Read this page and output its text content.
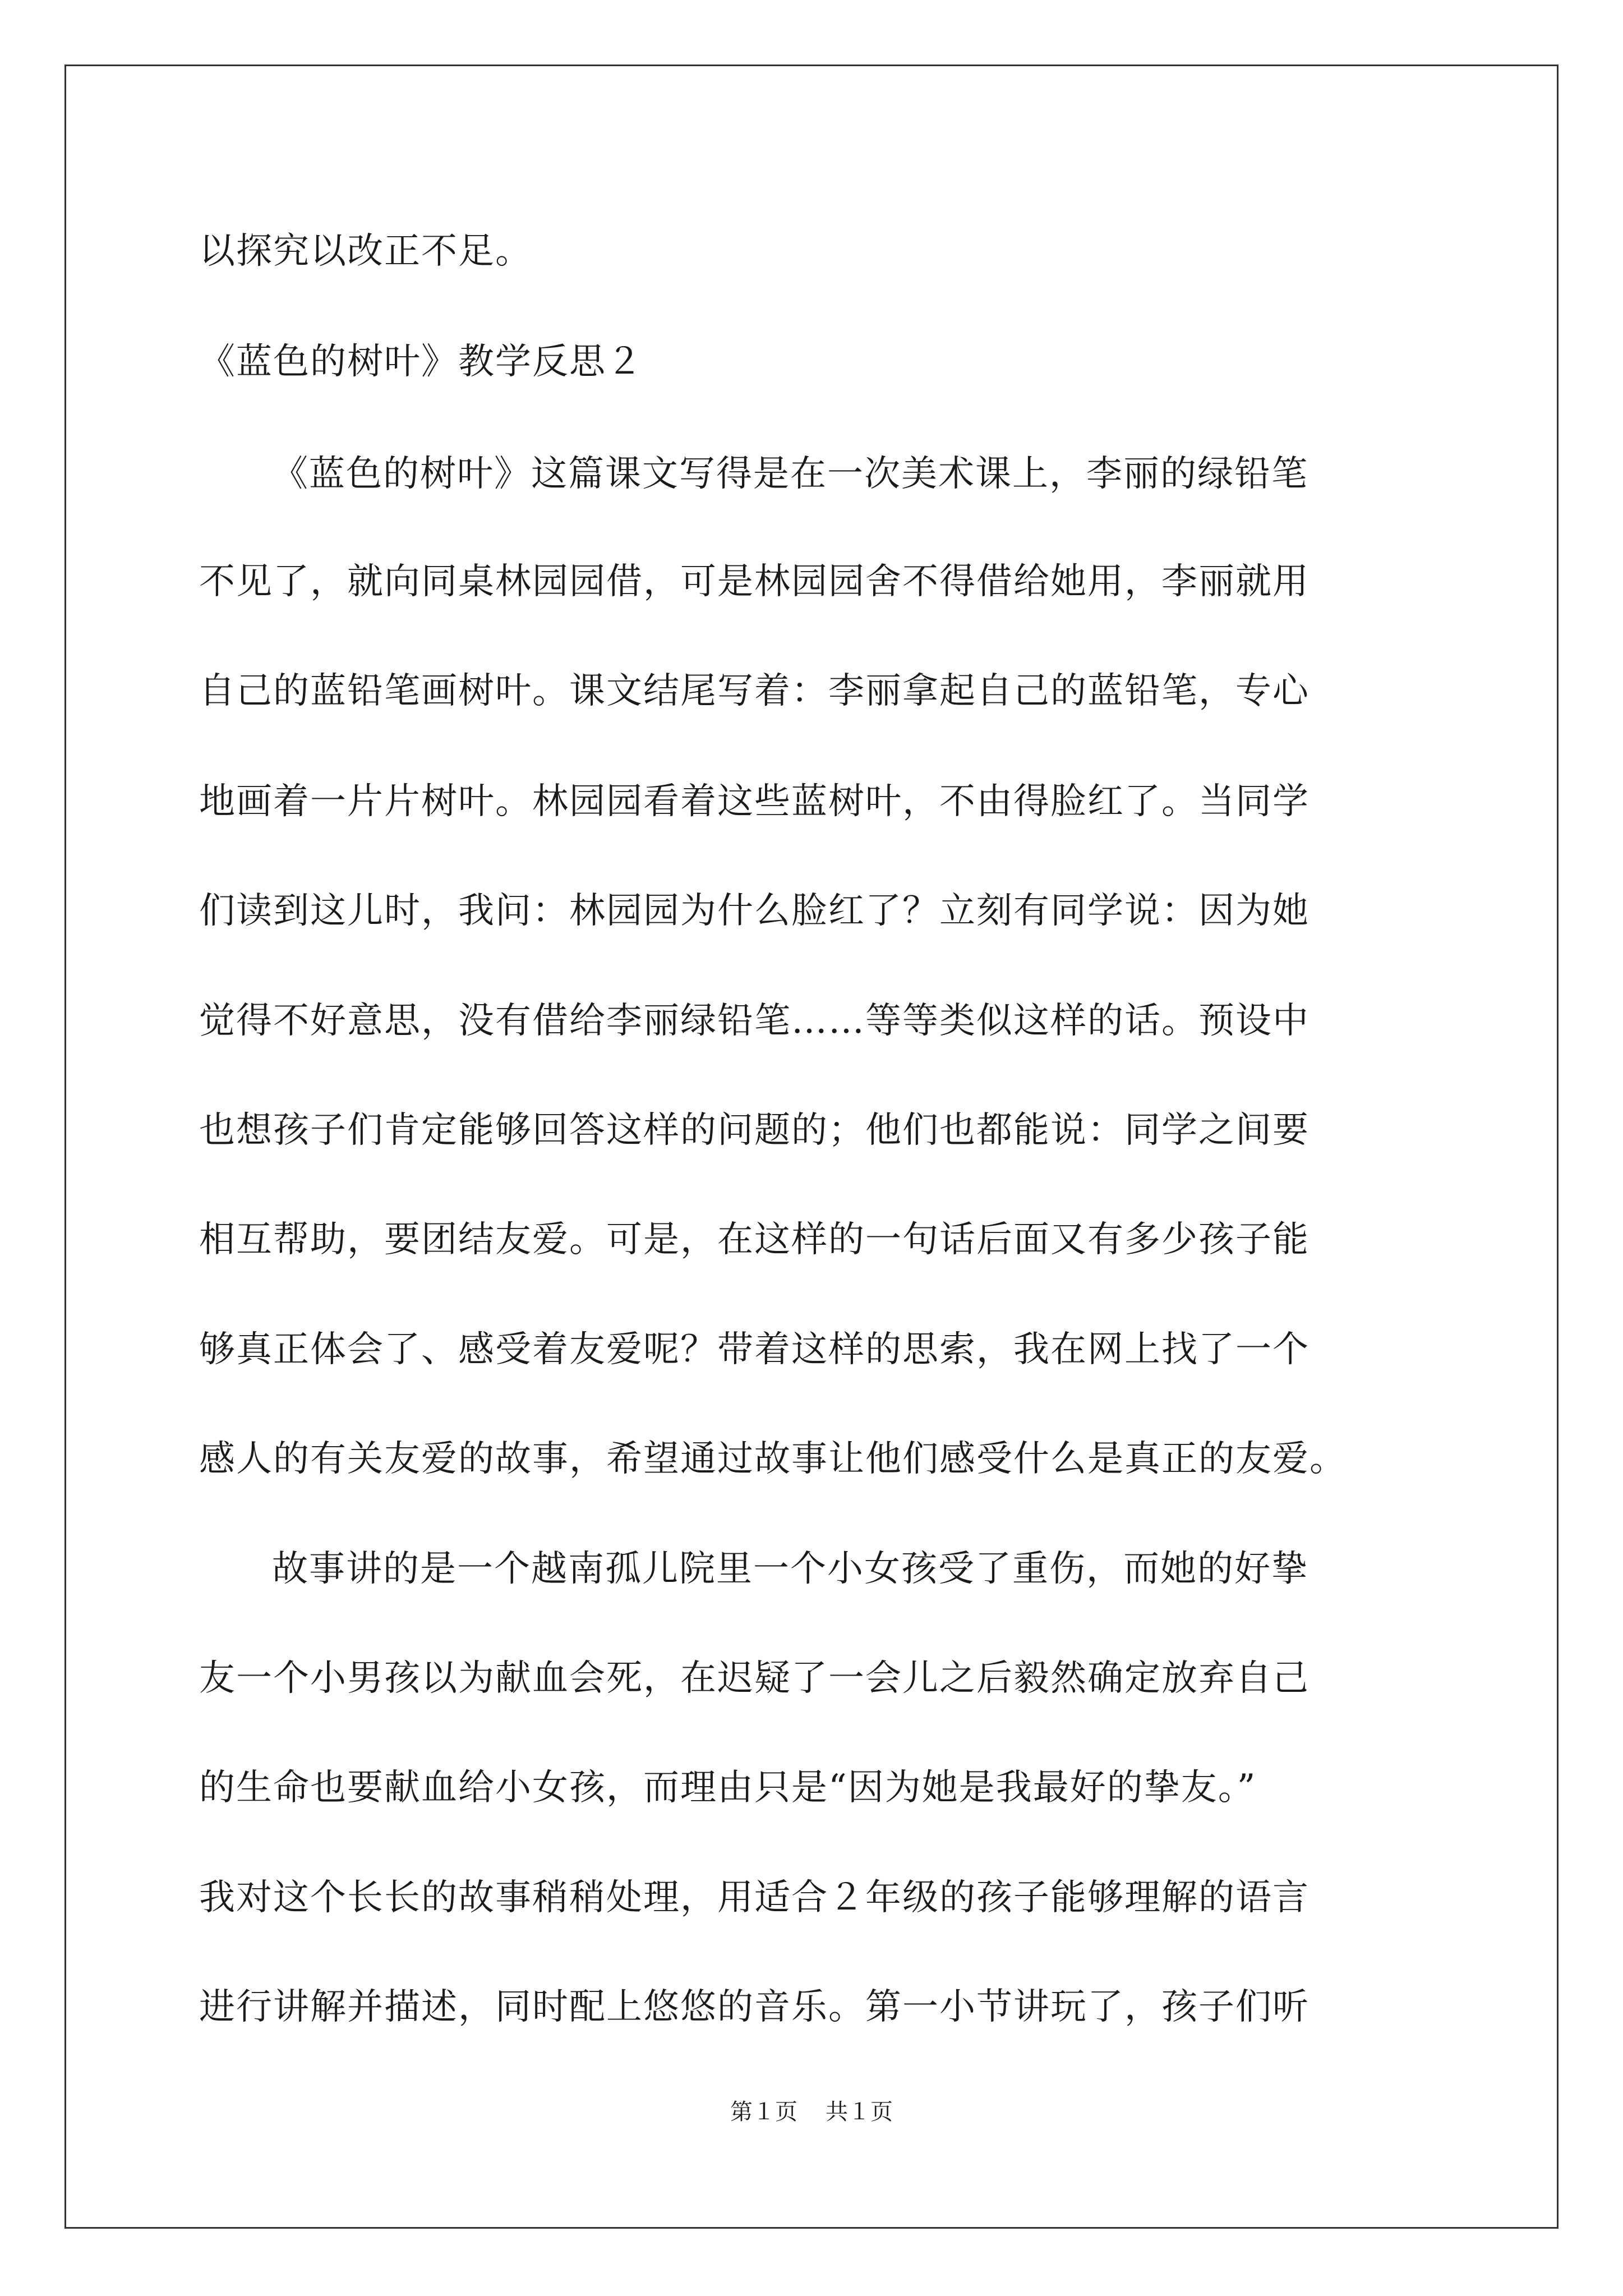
以探究以改正不足。
《蓝色的树叶》教学反思２
《蓝色的树叶》这篇课文写得是在一次美术课上，李丽的绿铅笔
不见了，就向同桌林园园借，可是林园园舍不得借给她用，李丽就用
自己的蓝铅笔画树叶。课文结尾写着：李丽拿起自己的蓝铅笔，专心
地画着一片片树叶。林园园看着这些蓝树叶，不由得脸红了。当同学
们读到这儿时，我问：林园园为什么脸红了？立刻有同学说：因为她
觉得不好意思，没有借给李丽绿铅笔……等等类似这样的话。预设中
也想孩子们肯定能够回答这样的问题的；他们也都能说：同学之间要
相互帮助，要团结友爱。可是，在这样的一句话后面又有多少孩子能
够真正体会了、感受着友爱呢？带着这样的思索，我在网上找了一个
感人的有关友爱的故事，希望通过故事让他们感受什么是真正的友爱。
故事讲的是一个越南孤儿院里一个小女孩受了重伤，而她的好挚
友一个小男孩以为献血会死，在迟疑了一会儿之后毅然确定放弃自己
的生命也要献血给小女孩，而理由只是“因为她是我最好的挚友。”
我对这个长长的故事稍稍处理，用适合２年级的孩子能够理解的语言
进行讲解并描述，同时配上悠悠的音乐。第一小节讲玩了，孩子们听
第１页 共１页
